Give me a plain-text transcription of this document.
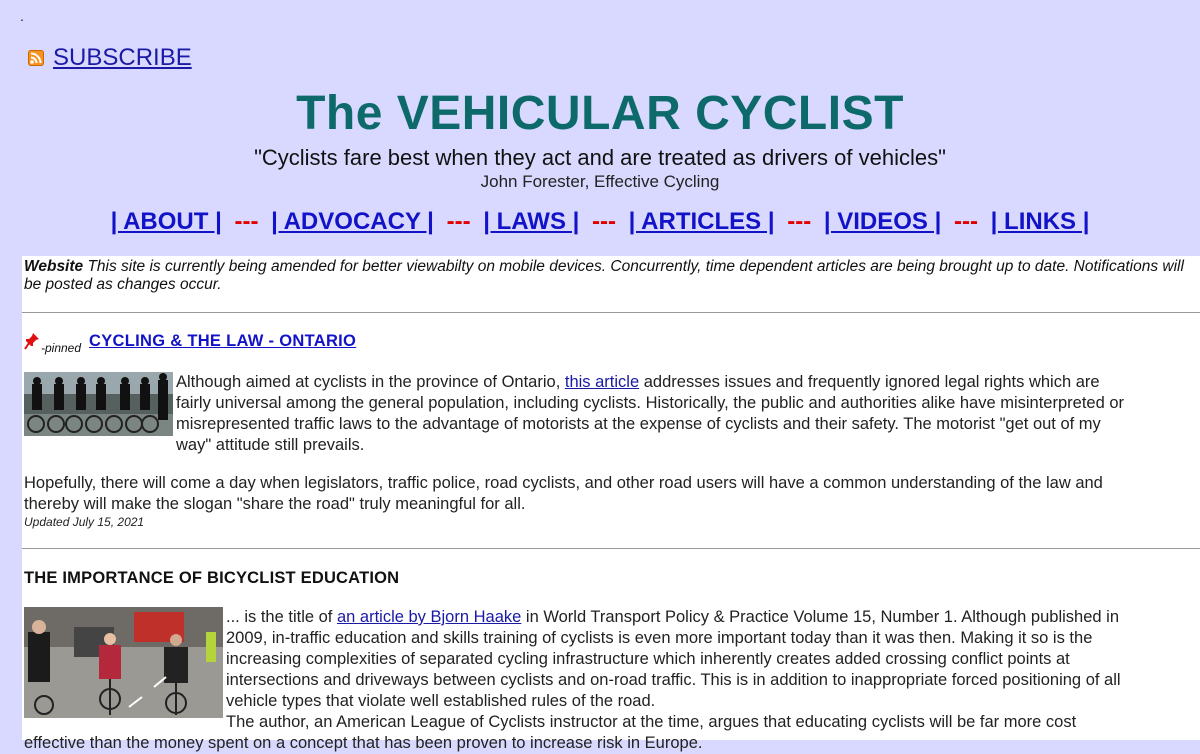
.
SUBSCRIBE
The VEHICULAR CYCLIST
"Cyclists fare best when they act and are treated as drivers of vehicles"
John Forester, Effective Cycling
| ABOUT | --- | ADVOCACY | --- | LAWS | --- | ARTICLES | --- | VIDEOS | --- | LINKS |
Website This site is currently being amended for better viewabilty on mobile devices. Concurrently, time dependent articles are being brought up to date. Notifications will be posted as changes occur.
-pinned CYCLING & THE LAW - ONTARIO
Although aimed at cyclists in the province of Ontario, this article addresses issues and frequently ignored legal rights which are
fairly universal among the general population, including cyclists. Historically, the public and authorities alike have misinterpreted or
misrepresented traffic laws to the advantage of motorists at the expense of cyclists and their safety. The motorist "get out of my
way" attitude still prevails.
Hopefully, there will come a day when legislators, traffic police, road cyclists, and other road users will have a common understanding of the law and
thereby will make the slogan "share the road" truly meaningful for all.
Updated July 15, 2021
THE IMPORTANCE OF BICYCLIST EDUCATION
... is the title of an article by Bjorn Haake in World Transport Policy & Practice Volume 15, Number 1. Although published in
2009, in-traffic education and skills training of cyclists is even more important today than it was then. Making it so is the
increasing complexities of separated cycling infrastructure which inherently creates added crossing conflict points at
intersections and driveways between cyclists and on-road traffic. This is in addition to inappropriate forced positioning of all
vehicle types that violate well established rules of the road.
The author, an American League of Cyclists instructor at the time, argues that educating cyclists will be far more cost
effective than the money spent on a concept that has been proven to increase risk in Europe.
